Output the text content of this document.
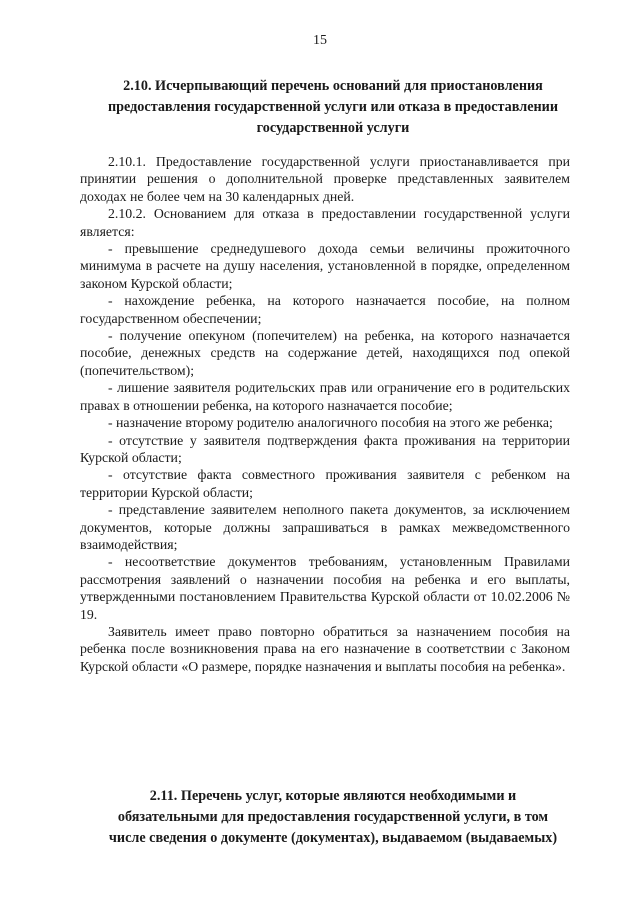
15
2.10. Исчерпывающий перечень оснований для приостановления предоставления государственной услуги или отказа в предоставлении государственной услуги

2.10.1. Предоставление государственной услуги приостанавливается при принятии решения о дополнительной проверке представленных заявителем доходах не более чем на 30 календарных дней.

2.10.2. Основанием для отказа в предоставлении государственной услуги является:

- превышение среднедушевого дохода семьи величины прожиточного минимума в расчете на душу населения, установленной в порядке, определенном законом Курской области;

- нахождение ребенка, на которого назначается пособие, на полном государственном обеспечении;

- получение опекуном (попечителем) на ребенка, на которого назначается пособие, денежных средств на содержание детей, находящихся под опекой (попечительством);

- лишение заявителя родительских прав или ограничение его в родительских правах в отношении ребенка, на которого назначается пособие;

- назначение второму родителю аналогичного пособия на этого же ребенка;

- отсутствие у заявителя подтверждения факта проживания на территории Курской области;

- отсутствие факта совместного проживания заявителя с ребенком на территории Курской области;

- представление заявителем неполного пакета документов, за исключением документов, которые должны запрашиваться в рамках межведомственного взаимодействия;

- несоответствие документов требованиям, установленным Правилами рассмотрения заявлений о назначении пособия на ребенка и его выплаты, утвержденными постановлением Правительства Курской области от 10.02.2006 № 19.

Заявитель имеет право повторно обратиться за назначением пособия на ребенка после возникновения права на его назначение в соответствии с Законом Курской области «О размере, порядке назначения и выплаты пособия на ребенка».

2.11. Перечень услуг, которые являются необходимыми и обязательными для предоставления государственной услуги, в том числе сведения о документе (документах), выдаваемом (выдаваемых)
